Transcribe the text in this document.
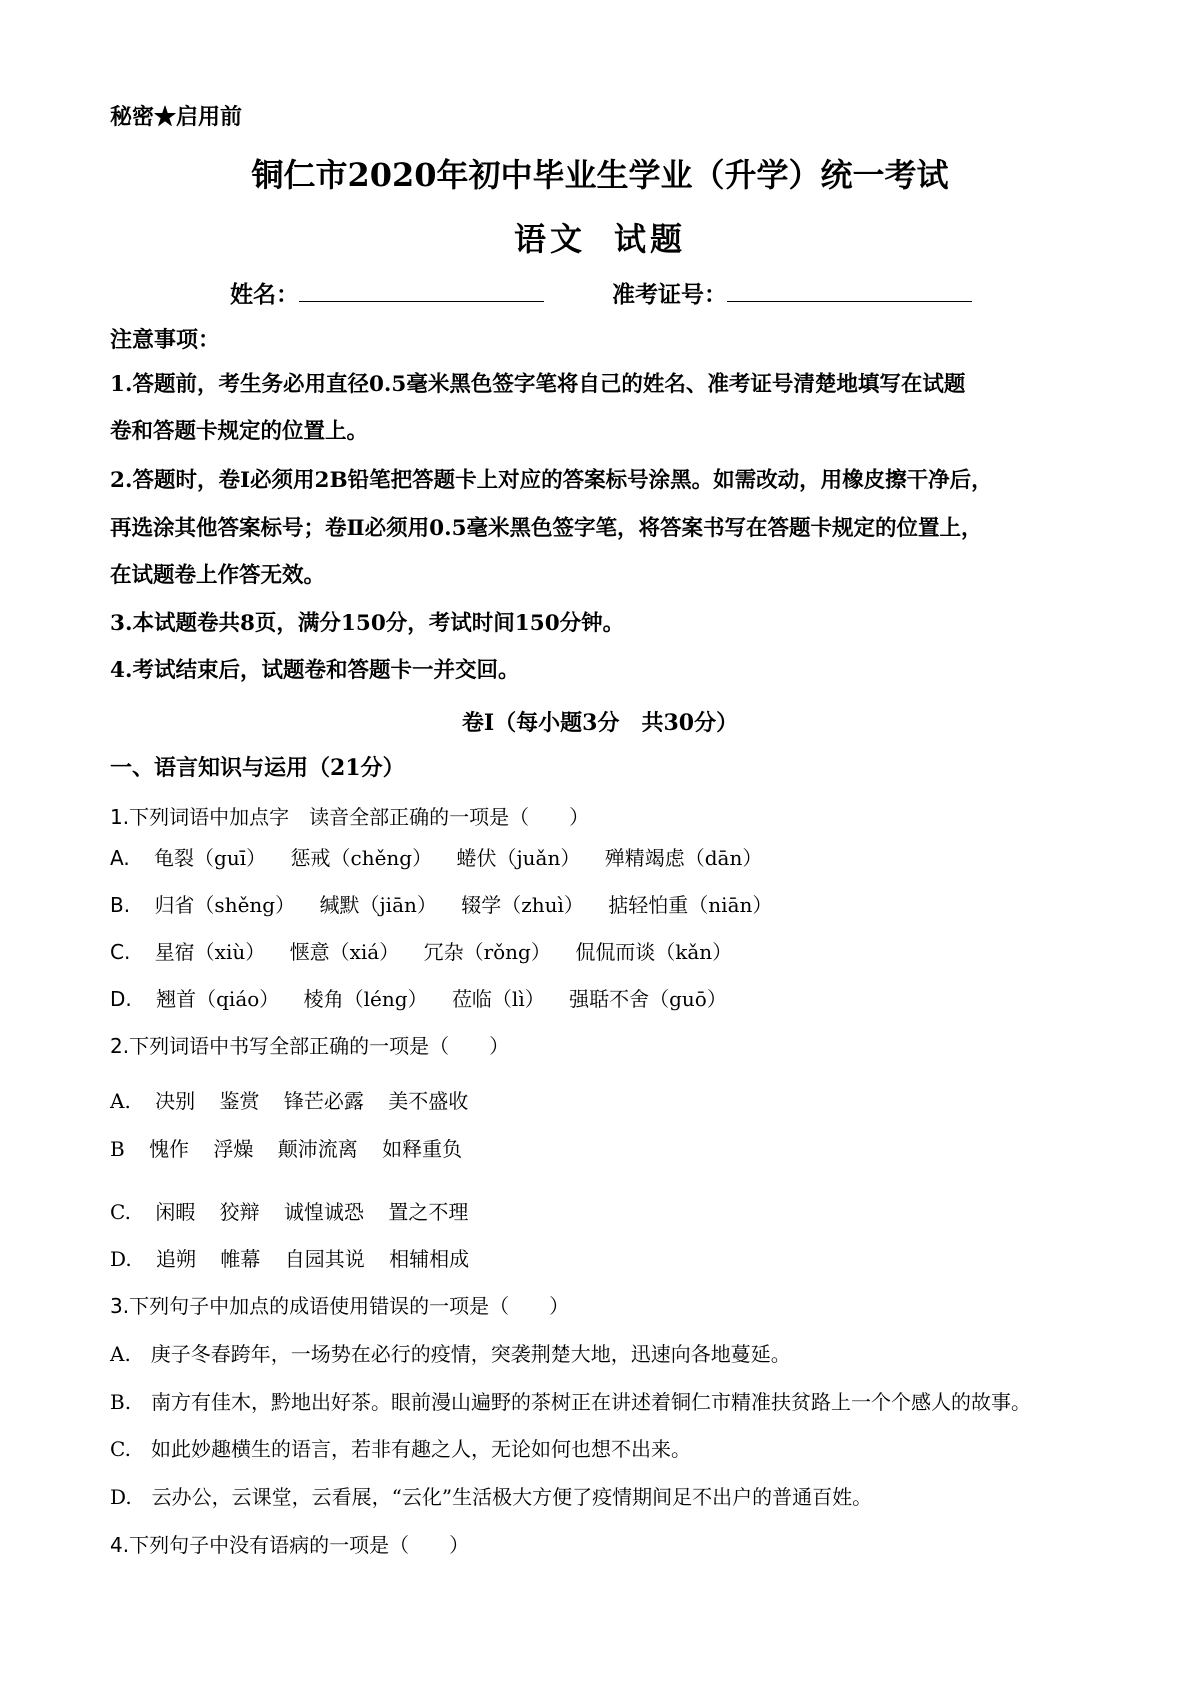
秘密★启用前
铜仁市2020年初中毕业生学业（升学）统一考试
语文 试题
姓名：	准考证号：
注意事项：
1.答题前，考生务必用直径0.5毫米黑色签字笔将自己的姓名、准考证号清楚地填写在试题
卷和答题卡规定的位置上。
2.答题时，卷Ⅰ必须用2B铅笔把答题卡上对应的答案标号涂黑。如需改动，用橡皮擦干净后，
再选涂其他答案标号；卷Ⅱ必须用0.5毫米黑色签字笔，将答案书写在答题卡规定的位置上，
在试题卷上作答无效。
3.本试题卷共8页，满分150分，考试时间150分钟。
4.考试结束后，试题卷和答题卡一并交回。
卷Ⅰ（每小题3分　共30分）
一、语言知识与运用（21分）
1.下列词语中加点字　读音全部正确的一项是（　　）
A. 龟裂（guī） 惩戒（chěng） 蜷伏（juǎn） 殚精竭虑（dān）
B. 归省（shěng） 缄默（jiān） 辍学（zhuì） 掂轻怕重（niān）
C. 星宿（xiù） 惬意（xiá） 冗杂（rǒng） 侃侃而谈（kǎn）
D. 翘首（qiáo） 棱角（léng） 莅临（lì） 强聒不舍（guō）
2.下列词语中书写全部正确的一项是（　　）
A. 决别 鉴赏 锋芒必露 美不盛收
B 愧作 浮燥 颠沛流离 如释重负
C. 闲暇 狡辩 诚惶诚恐 置之不理
D. 追朔 帷幕 自园其说 相辅相成
3.下列句子中加点的成语使用错误的一项是（　　）
A.　庚子冬春跨年，一场势在必行的疫情，突袭荆楚大地，迅速向各地蔓延。
B.　南方有佳木，黔地出好茶。眼前漫山遍野的茶树正在讲述着铜仁市精准扶贫路上一个个感人的故事。
C.　如此妙趣横生的语言，若非有趣之人，无论如何也想不出来。
D.　云办公，云课堂，云看展，“云化”生活极大方便了疫情期间足不出户的普通百姓。
4.下列句子中没有语病的一项是（　　）
